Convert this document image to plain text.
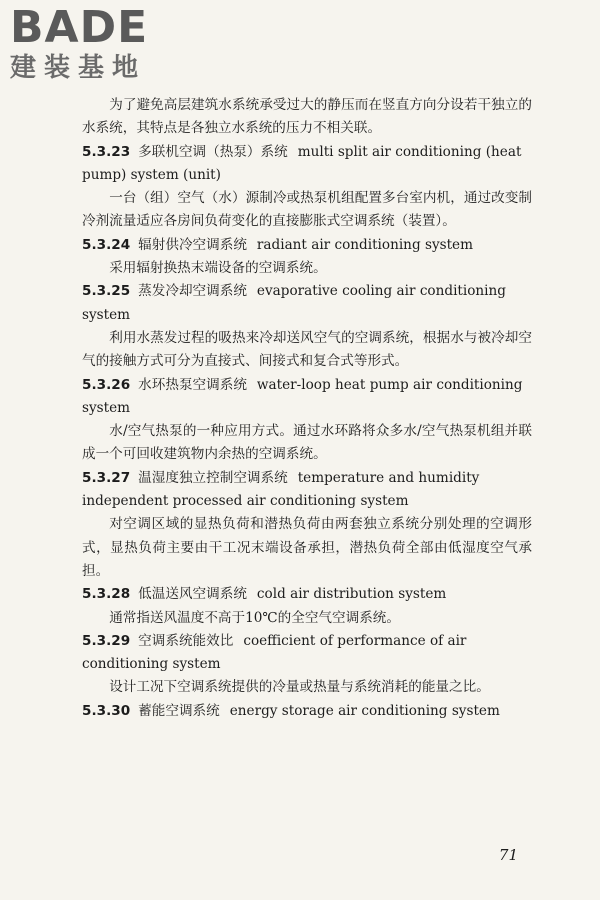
BADE
建装基地

为了避免高层建筑水系统承受过大的静压而在竖直方向分设若干独立的水系统，其特点是各独立水系统的压力不相关联。

5.3.23 多联机空调（热泵）系统 multi split air conditioning (heat pump) system (unit)

一台（组）空气（水）源制冷或热泵机组配置多台室内机，通过改变制冷剂流量适应各房间负荷变化的直接膨胀式空调系统（装置）。

5.3.24 辐射供冷空调系统 radiant air conditioning system

采用辐射换热末端设备的空调系统。

5.3.25 蒸发冷却空调系统 evaporative cooling air conditioning system

利用水蒸发过程的吸热来冷却送风空气的空调系统，根据水与被冷却空气的接触方式可分为直接式、间接式和复合式等形式。

5.3.26 水环热泵空调系统 water-loop heat pump air conditioning system

水/空气热泵的一种应用方式。通过水环路将众多水/空气热泵机组并联成一个可回收建筑物内余热的空调系统。

5.3.27 温湿度独立控制空调系统 temperature and humidity independent processed air conditioning system

对空调区域的显热负荷和潜热负荷由两套独立系统分别处理的空调形式，显热负荷主要由干工况末端设备承担，潜热负荷全部由低湿度空气承担。

5.3.28 低温送风空调系统 cold air distribution system

通常指送风温度不高于10℃的全空气空调系统。

5.3.29 空调系统能效比 coefficient of performance of air conditioning system

设计工况下空调系统提供的冷量或热量与系统消耗的能量之比。

5.3.30 蓄能空调系统 energy storage air conditioning system

71
